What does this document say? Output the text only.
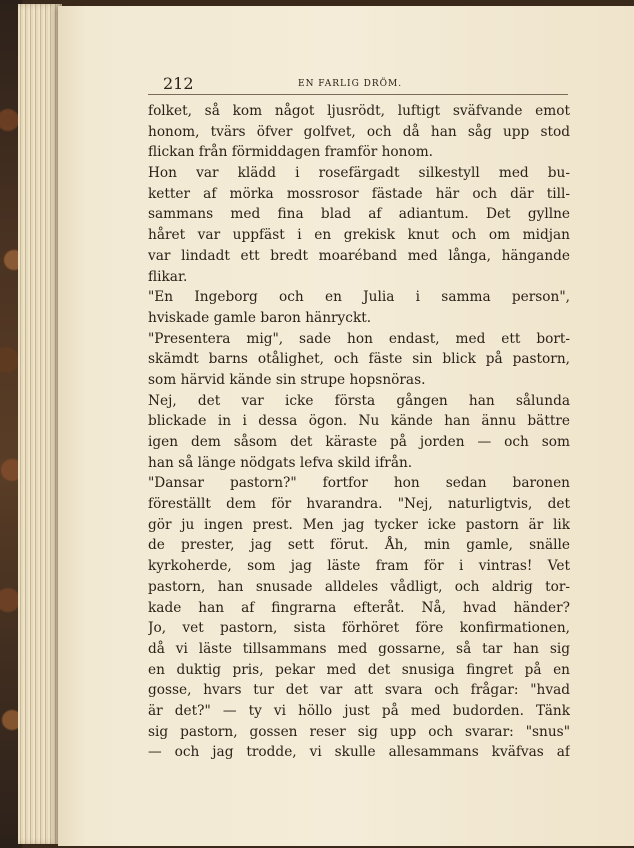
212	EN FARLIG DRÖM.
folket, så kom något ljusrödt, luftigt sväfvande emot
honom, tvärs öfver golfvet, och då han såg upp stod
flickan från förmiddagen framför honom.
Hon var klädd i rosefärgadt silkestyll med bu-
ketter af mörka mossrosor fästade här och där till-
sammans med fina blad af adiantum. Det gyllne
håret var uppfäst i en grekisk knut och om midjan
var lindadt ett bredt moaréband med långa, hängande
flikar.
"En Ingeborg och en Julia i samma person",
hviskade gamle baron hänryckt.
"Presentera mig", sade hon endast, med ett bort-
skämdt barns otålighet, och fäste sin blick på pastorn,
som härvid kände sin strupe hopsnöras.
Nej, det var icke första gången han sålunda
blickade in i dessa ögon. Nu kände han ännu bättre
igen dem såsom det käraste på jorden — och som
han så länge nödgats lefva skild ifrån.
"Dansar pastorn?" fortfor hon sedan baronen
föreställt dem för hvarandra. "Nej, naturligtvis, det
gör ju ingen prest. Men jag tycker icke pastorn är lik
de prester, jag sett förut. Åh, min gamle, snälle
kyrkoherde, som jag läste fram för i vintras! Vet
pastorn, han snusade alldeles vådligt, och aldrig tor-
kade han af fingrarna efteråt. Nå, hvad händer?
Jo, vet pastorn, sista förhöret före konfirmationen,
då vi läste tillsammans med gossarne, så tar han sig
en duktig pris, pekar med det snusiga fingret på en
gosse, hvars tur det var att svara och frågar: "hvad
är det?" — ty vi höllo just på med budorden. Tänk
sig pastorn, gossen reser sig upp och svarar: "snus"
— och jag trodde, vi skulle allesammans kväfvas af
